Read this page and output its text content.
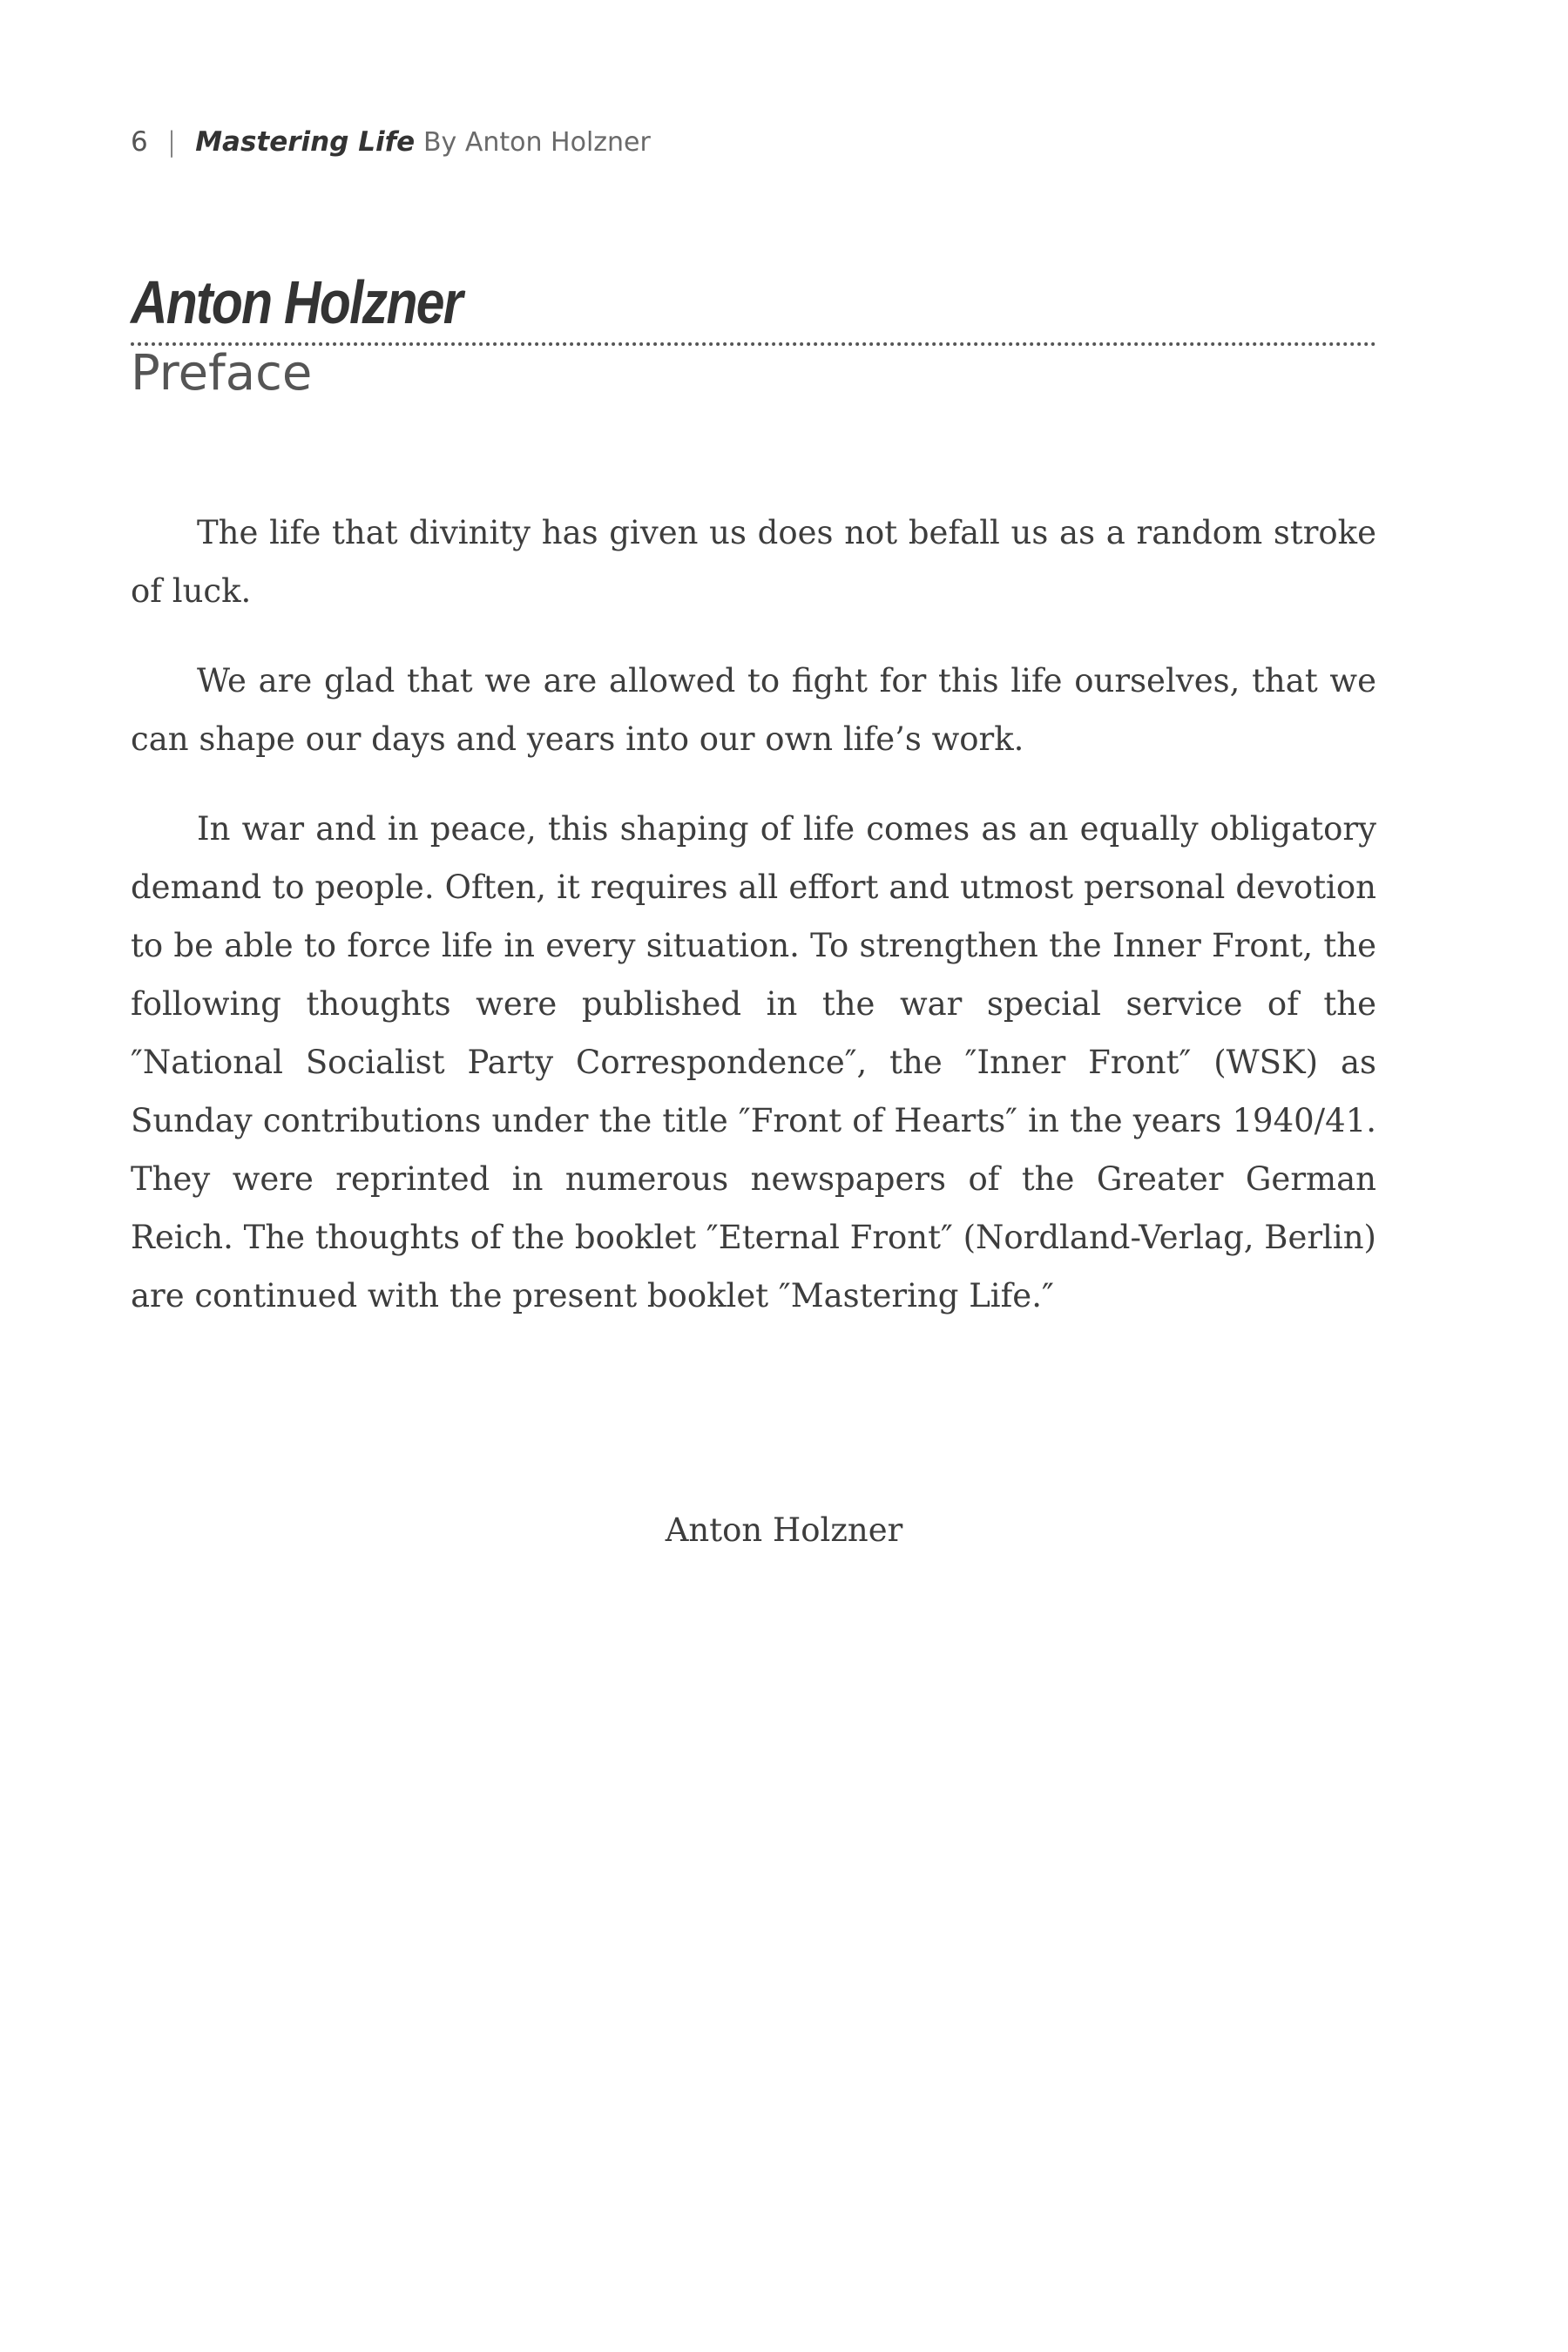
6 | Mastering Life By Anton Holzner
Anton Holzner
Preface

The life that divinity has given us does not befall us as a random stroke of luck.

We are glad that we are allowed to fight for this life ourselves, that we can shape our days and years into our own life’s work.

In war and in peace, this shaping of life comes as an equally obligatory demand to people. Often, it requires all effort and utmost personal devotion to be able to force life in every situation. To strengthen the Inner Front, the following thoughts were published in the war special service of the ″National Socialist Party Correspondence″, the ″Inner Front″ (WSK) as Sunday contributions under the title ″Front of Hearts″ in the years 1940/41. They were reprinted in numerous newspapers of the Greater German Reich. The thoughts of the booklet ″Eternal Front″ (Nordland-Verlag, Berlin) are continued with the present booklet ″Mastering Life.″

Anton Holzner
